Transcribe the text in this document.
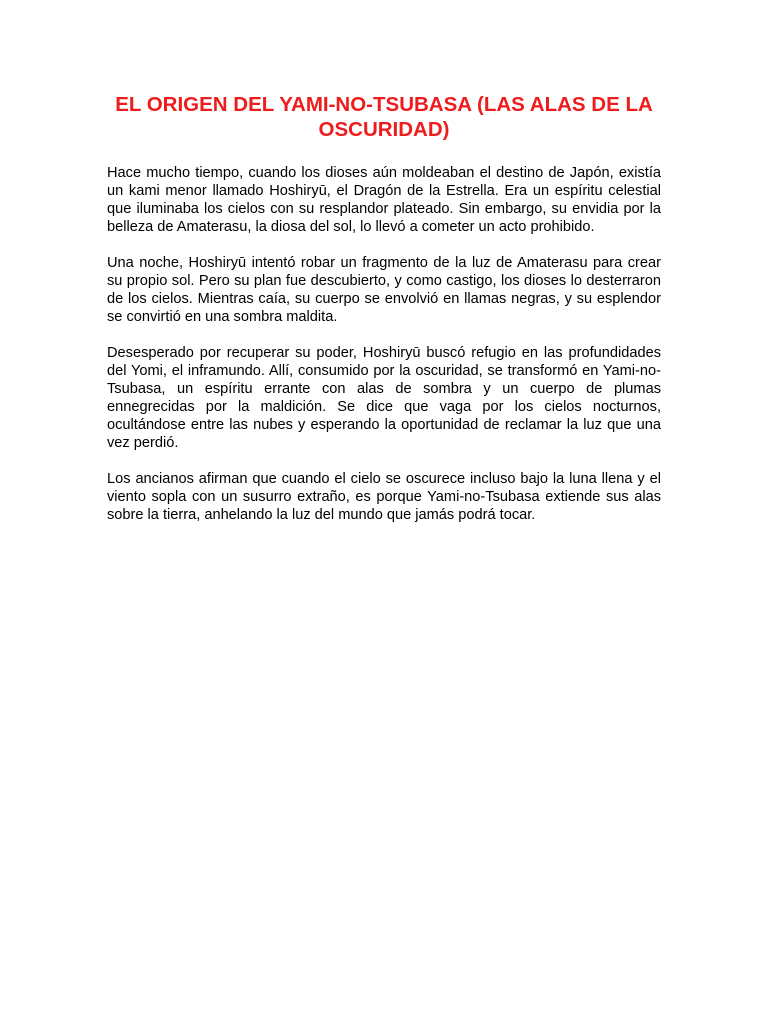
EL ORIGEN DEL YAMI-NO-TSUBASA (LAS ALAS DE LA OSCURIDAD)

Hace mucho tiempo, cuando los dioses aún moldeaban el destino de Japón, existía un kami menor llamado Hoshiryū, el Dragón de la Estrella. Era un espíritu celestial que iluminaba los cielos con su resplandor plateado. Sin embargo, su envidia por la belleza de Amaterasu, la diosa del sol, lo llevó a cometer un acto prohibido.

Una noche, Hoshiryū intentó robar un fragmento de la luz de Amaterasu para crear su propio sol. Pero su plan fue descubierto, y como castigo, los dioses lo desterraron de los cielos. Mientras caía, su cuerpo se envolvió en llamas negras, y su esplendor se convirtió en una sombra maldita.

Desesperado por recuperar su poder, Hoshiryū buscó refugio en las profundidades del Yomi, el inframundo. Allí, consumido por la oscuridad, se transformó en Yami-no-Tsubasa, un espíritu errante con alas de sombra y un cuerpo de plumas ennegrecidas por la maldición. Se dice que vaga por los cielos nocturnos, ocultándose entre las nubes y esperando la oportunidad de reclamar la luz que una vez perdió.

Los ancianos afirman que cuando el cielo se oscurece incluso bajo la luna llena y el viento sopla con un susurro extraño, es porque Yami-no-Tsubasa extiende sus alas sobre la tierra, anhelando la luz del mundo que jamás podrá tocar.
